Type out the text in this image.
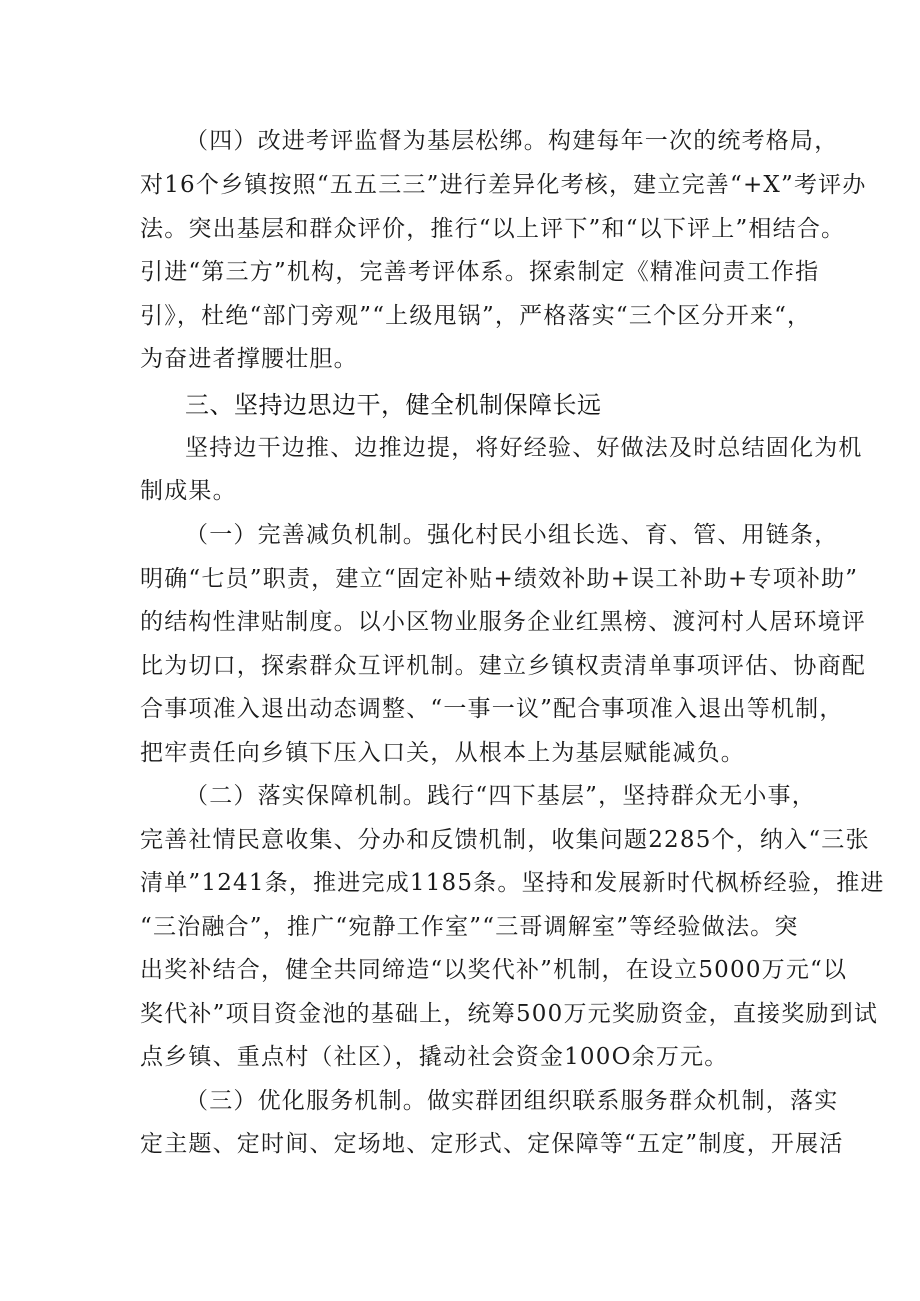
（四）改进考评监督为基层松绑。构建每年一次的统考格局，
对16个乡镇按照“五五三三”进行差异化考核，建立完善“+X”考评办
法。突出基层和群众评价，推行“以上评下”和“以下评上”相结合。
引进“第三方”机构，完善考评体系。探索制定《精准问责工作指
引》，杜绝“部门旁观”“上级甩锅”，严格落实“三个区分开来“，
为奋进者撑腰壮胆。
三、坚持边思边干，健全机制保障长远
坚持边干边推、边推边提，将好经验、好做法及时总结固化为机
制成果。
（一）完善减负机制。强化村民小组长选、育、管、用链条，
明确“七员”职责，建立“固定补贴+绩效补助+误工补助+专项补助”
的结构性津贴制度。以小区物业服务企业红黑榜、渡河村人居环境评
比为切口，探索群众互评机制。建立乡镇权责清单事项评估、协商配
合事项准入退出动态调整、“一事一议”配合事项准入退出等机制，
把牢责任向乡镇下压入口关，从根本上为基层赋能减负。
（二）落实保障机制。践行“四下基层”，坚持群众无小事，
完善社情民意收集、分办和反馈机制，收集问题2285个，纳入“三张
清单”1241条，推进完成1185条。坚持和发展新时代枫桥经验，推进
“三治融合”，推广“宛静工作室”“三哥调解室”等经验做法。突
出奖补结合，健全共同缔造“以奖代补”机制，在设立5000万元“以
奖代补”项目资金池的基础上，统筹500万元奖励资金，直接奖励到试
点乡镇、重点村（社区），撬动社会资金100O余万元。
（三）优化服务机制。做实群团组织联系服务群众机制，落实
定主题、定时间、定场地、定形式、定保障等“五定”制度，开展活
